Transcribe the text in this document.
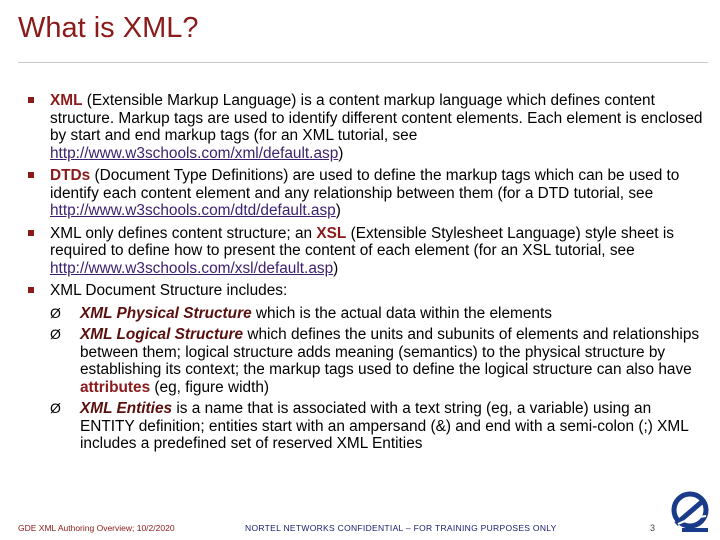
What is XML?
XML (Extensible Markup Language) is a content markup language which defines content structure. Markup tags are used to identify different content elements. Each element is enclosed by start and end markup tags (for an XML tutorial, see http://www.w3schools.com/xml/default.asp)
DTDs (Document Type Definitions) are used to define the markup tags which can be used to identify each content element and any relationship between them (for a DTD tutorial, see http://www.w3schools.com/dtd/default.asp)
XML only defines content structure; an XSL (Extensible Stylesheet Language) style sheet is required to define how to present the content of each element (for an XSL tutorial, see http://www.w3schools.com/xsl/default.asp)
XML Document Structure includes:
Ø XML Physical Structure which is the actual data within the elements
Ø XML Logical Structure which defines the units and subunits of elements and relationships between them; logical structure adds meaning (semantics) to the physical structure by establishing its context; the markup tags used to define the logical structure can also have attributes (eg, figure width)
Ø XML Entities is a name that is associated with a text string (eg, a variable) using an ENTITY definition; entities start with an ampersand (&) and end with a semi-colon (;) XML includes a predefined set of reserved XML Entities
GDE XML Authoring Overview; 10/2/2020	NORTEL NETWORKS CONFIDENTIAL – FOR TRAINING PURPOSES ONLY	3
